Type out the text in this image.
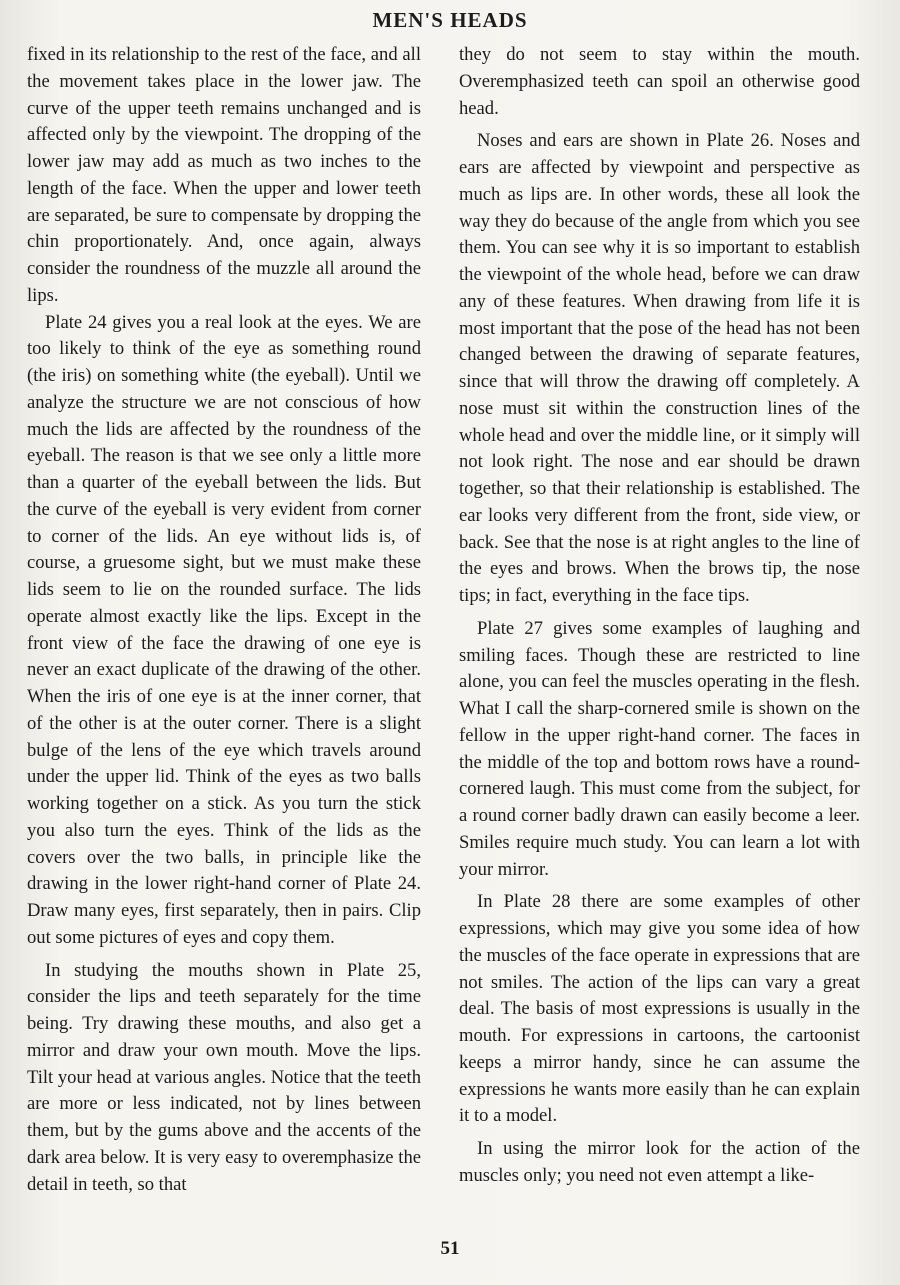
MEN'S HEADS

fixed in its relationship to the rest of the face, and all the movement takes place in the lower jaw. The curve of the upper teeth remains unchanged and is affected only by the viewpoint. The dropping of the lower jaw may add as much as two inches to the length of the face. When the upper and lower teeth are separated, be sure to compensate by dropping the chin proportionately. And, once again, always consider the roundness of the muzzle all around the lips.

Plate 24 gives you a real look at the eyes. We are too likely to think of the eye as something round (the iris) on something white (the eyeball). Until we analyze the structure we are not conscious of how much the lids are affected by the roundness of the eyeball. The reason is that we see only a little more than a quarter of the eyeball between the lids. But the curve of the eyeball is very evident from corner to corner of the lids. An eye without lids is, of course, a gruesome sight, but we must make these lids seem to lie on the rounded surface. The lids operate almost exactly like the lips. Except in the front view of the face the drawing of one eye is never an exact duplicate of the drawing of the other. When the iris of one eye is at the inner corner, that of the other is at the outer corner. There is a slight bulge of the lens of the eye which travels around under the upper lid. Think of the eyes as two balls working together on a stick. As you turn the stick you also turn the eyes. Think of the lids as the covers over the two balls, in principle like the drawing in the lower right-hand corner of Plate 24. Draw many eyes, first separately, then in pairs. Clip out some pictures of eyes and copy them.

In studying the mouths shown in Plate 25, consider the lips and teeth separately for the time being. Try drawing these mouths, and also get a mirror and draw your own mouth. Move the lips. Tilt your head at various angles. Notice that the teeth are more or less indicated, not by lines between them, but by the gums above and the accents of the dark area below. It is very easy to overemphasize the detail in teeth, so that

they do not seem to stay within the mouth. Overemphasized teeth can spoil an otherwise good head.

Noses and ears are shown in Plate 26. Noses and ears are affected by viewpoint and perspective as much as lips are. In other words, these all look the way they do because of the angle from which you see them. You can see why it is so important to establish the viewpoint of the whole head, before we can draw any of these features. When drawing from life it is most important that the pose of the head has not been changed between the drawing of separate features, since that will throw the drawing off completely. A nose must sit within the construction lines of the whole head and over the middle line, or it simply will not look right. The nose and ear should be drawn together, so that their relationship is established. The ear looks very different from the front, side view, or back. See that the nose is at right angles to the line of the eyes and brows. When the brows tip, the nose tips; in fact, everything in the face tips.

Plate 27 gives some examples of laughing and smiling faces. Though these are restricted to line alone, you can feel the muscles operating in the flesh. What I call the sharp-cornered smile is shown on the fellow in the upper right-hand corner. The faces in the middle of the top and bottom rows have a round-cornered laugh. This must come from the subject, for a round corner badly drawn can easily become a leer. Smiles require much study. You can learn a lot with your mirror.

In Plate 28 there are some examples of other expressions, which may give you some idea of how the muscles of the face operate in expressions that are not smiles. The action of the lips can vary a great deal. The basis of most expressions is usually in the mouth. For expressions in cartoons, the cartoonist keeps a mirror handy, since he can assume the expressions he wants more easily than he can explain it to a model.

In using the mirror look for the action of the muscles only; you need not even attempt a like-

51
